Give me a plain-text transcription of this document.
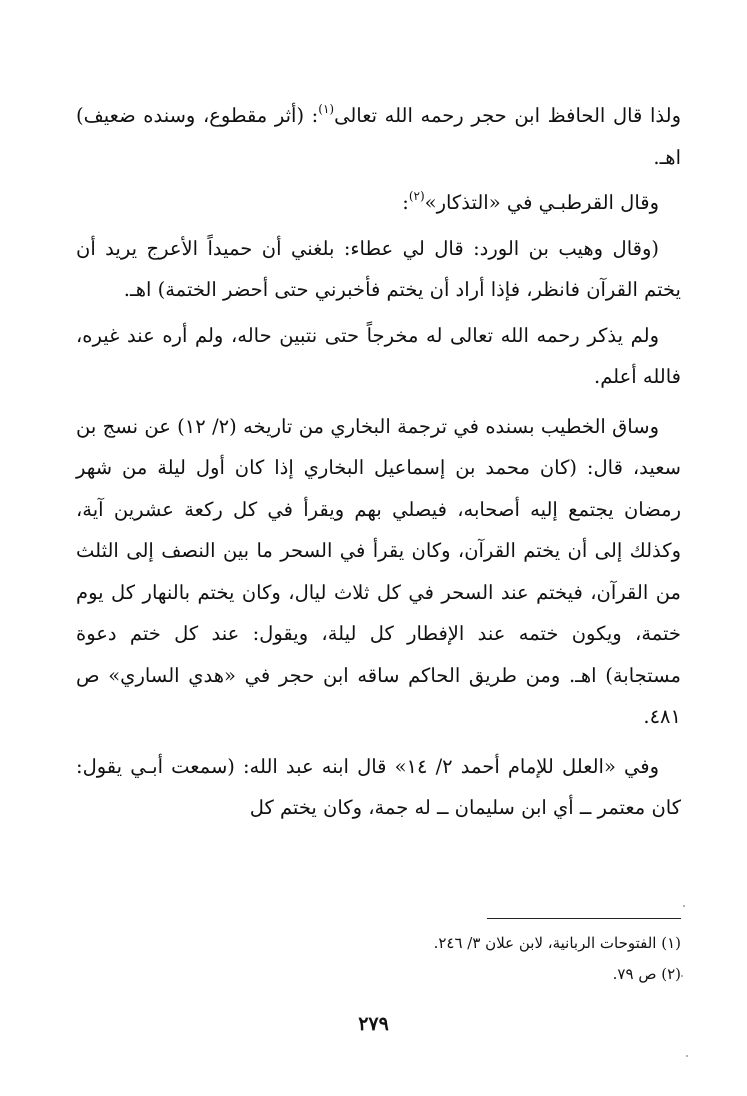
ولذا قال الحافظ ابن حجر رحمه الله تعالى$^{(١)}$: (أثر مقطوع، وسنده ضعيف) اهـ.

وقال القرطبـي في «التذكار»$^{(٢)}$:

(وقال وهيب بن الورد: قال لي عطاء: بلغني أن حميداً الأعرج يريد أن يختم القرآن فانظر، فإذا أراد أن يختم فأخبرني حتى أحضر الختمة) اهـ.

ولم يذكر رحمه الله تعالى له مخرجاً حتى نتبين حاله، ولم أره عند غيره، فالله أعلم.

وساق الخطيب بسنده في ترجمة البخاري من تاريخه (٢/ ١٢) عن نسج بن سعيد، قال: (كان محمد بن إسماعيل البخاري إذا كان أول ليلة من شهر رمضان يجتمع إليه أصحابه، فيصلي بهم ويقرأ في كل ركعة عشرين آية، وكذلك إلى أن يختم القرآن، وكان يقرأ في السحر ما بين النصف إلى الثلث من القرآن، فيختم عند السحر في كل ثلاث ليال، وكان يختم بالنهار كل يوم ختمة، ويكون ختمه عند الإفطار كل ليلة، ويقول: عند كل ختم دعوة مستجابة) اهـ. ومن طريق الحاكم ساقه ابن حجر في «هدي الساري» ص ٤٨١.

وفي «العلل للإمام أحمد ٢/ ١٤» قال ابنه عبد الله: (سمعت أبـي يقول: كان معتمر ــ أي ابن سليمان ــ له جمة، وكان يختم كل

(١) الفتوحات الربانية، لابن علان ٣/ ٢٤٦.
(٢) ص ٧٩.
٢٧٩
